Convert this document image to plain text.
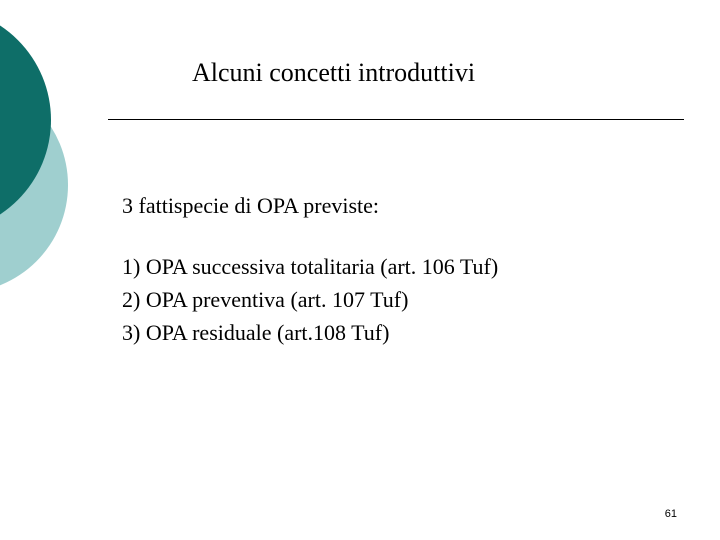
Alcuni concetti introduttivi

3 fattispecie di OPA previste:

1) OPA successiva totalitaria (art. 106 Tuf)
2) OPA preventiva (art. 107 Tuf)
3) OPA residuale (art.108 Tuf)
61
